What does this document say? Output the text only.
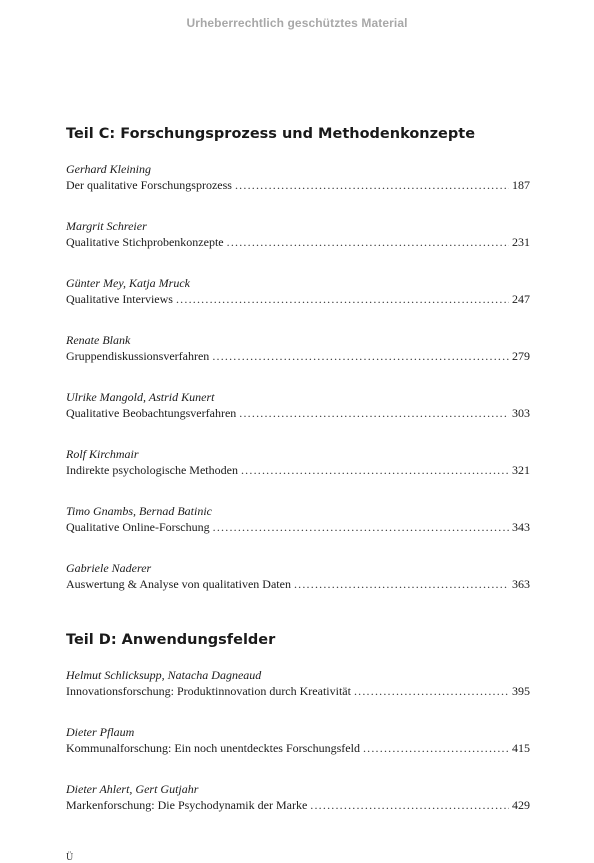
Urheberrechtlich geschütztes Material
Teil C: Forschungsprozess und Methodenkonzepte
Gerhard Kleining
Der qualitative Forschungsprozess .....	187
Margrit Schreier
Qualitative Stichprobenkonzepte .....	231
Günter Mey, Katja Mruck
Qualitative Interviews .....	247
Renate Blank
Gruppendiskussionsverfahren .....	279
Ulrike Mangold, Astrid Kunert
Qualitative Beobachtungsverfahren .....	303
Rolf Kirchmair
Indirekte psychologische Methoden .....	321
Timo Gnambs, Bernad Batinic
Qualitative Online-Forschung .....	343
Gabriele Naderer
Auswertung & Analyse von qualitativen Daten .....	363
Teil D: Anwendungsfelder
Helmut Schlicksupp, Natacha Dagneaud
Innovationsforschung: Produktinnovation durch Kreativität .....	395
Dieter Pflaum
Kommunalforschung: Ein noch unentdecktes Forschungsfeld .....	415
Dieter Ahlert, Gert Gutjahr
Markenforschung: Die Psychodynamik der Marke .....	429
Ü
